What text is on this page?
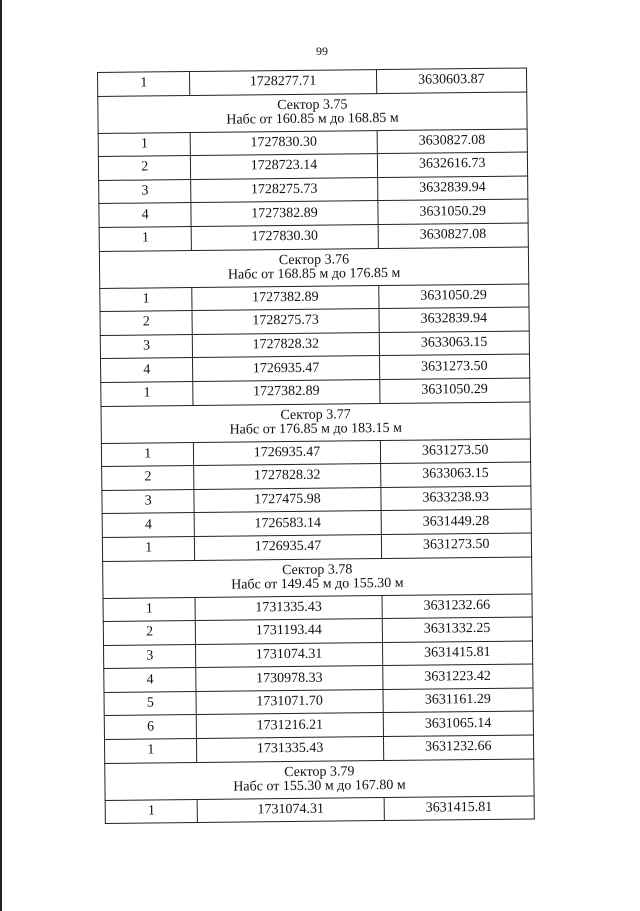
99
1	1728277.71	3630603.87

Сектор 3.75
Набс от 160.85 м до 168.85 м		

1	1727830.30	3630827.08
2	1728723.14	3632616.73
3	1728275.73	3632839.94
4	1727382.89	3631050.29
1	1727830.30	3630827.08

Сектор 3.76
Набс от 168.85 м до 176.85 м		

1	1727382.89	3631050.29
2	1728275.73	3632839.94
3	1727828.32	3633063.15
4	1726935.47	3631273.50
1	1727382.89	3631050.29

Сектор 3.77
Набс от 176.85 м до 183.15 м		

1	1726935.47	3631273.50
2	1727828.32	3633063.15
3	1727475.98	3633238.93
4	1726583.14	3631449.28
1	1726935.47	3631273.50

Сектор 3.78
Набс от 149.45 м до 155.30 м		

1	1731335.43	3631232.66
2	1731193.44	3631332.25
3	1731074.31	3631415.81
4	1730978.33	3631223.42
5	1731071.70	3631161.29
6	1731216.21	3631065.14
1	1731335.43	3631232.66

Сектор 3.79
Набс от 155.30 м до 167.80 м		

1	1731074.31	3631415.81
